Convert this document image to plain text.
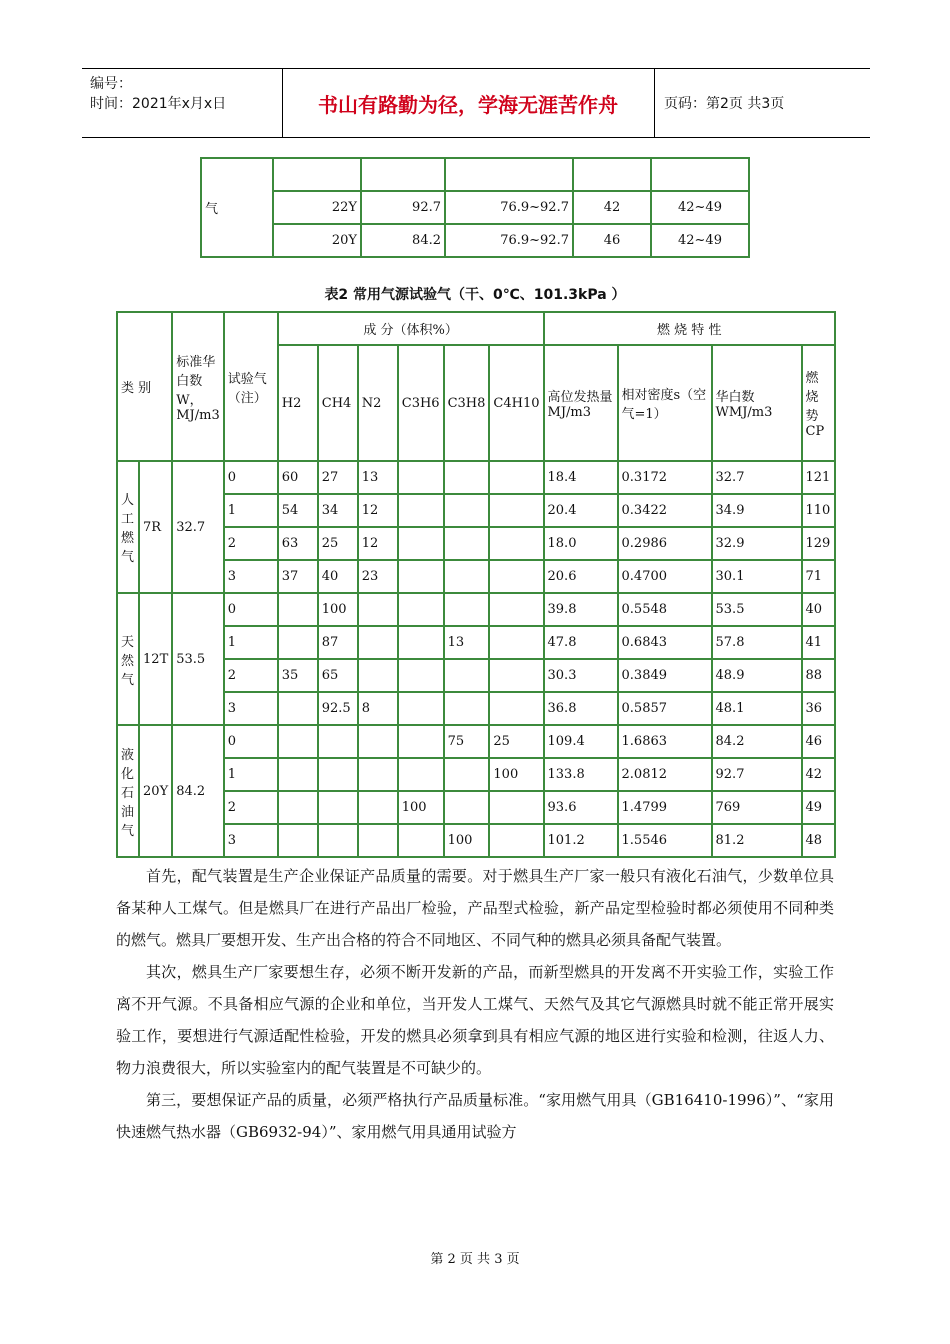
编号：
时间：2021年x月x日	书山有路勤为径，学海无涯苦作舟	页码：第2页 共3页
气					
	22Y	92.7	76.9~92.7	42	42~49
	20Y	84.2	76.9~92.7	46	42~49
表2 常用气源试验气（干、0℃、101.3kPa ）
类 别		标准华白数W，MJ/m3	试验气（注）	成 分（体积%）						燃 烧 特 性			
				H2	CH4	N2	C3H6	C3H8	C4H10	高位发热量MJ/m3	相对密度s（空气=1）	华白数WMJ/m3	燃烧势CP
人工燃气	7R	32.7	0	60	27	13				18.4	0.3172	32.7	121
			1	54	34	12				20.4	0.3422	34.9	110
			2	63	25	12				18.0	0.2986	32.9	129
			3	37	40	23				20.6	0.4700	30.1	71
天然气	12T	53.5	0		100					39.8	0.5548	53.5	40
			1		87			13		47.8	0.6843	57.8	41
			2	35	65					30.3	0.3849	48.9	88
			3		92.5	8				36.8	0.5857	48.1	36
液化石油气	20Y	84.2	0					75	25	109.4	1.6863	84.2	46
			1						100	133.8	2.0812	92.7	42
			2				100			93.6	1.4799	769	49
			3					100		101.2	1.5546	81.2	48

首先，配气装置是生产企业保证产品质量的需要。对于燃具生产厂家一般只有液化石油气，少数单位具备某种人工煤气。但是燃具厂在进行产品出厂检验，产品型式检验，新产品定型检验时都必须使用不同种类的燃气。燃具厂要想开发、生产出合格的符合不同地区、不同气种的燃具必须具备配气装置。

其次，燃具生产厂家要想生存，必须不断开发新的产品，而新型燃具的开发离不开实验工作，实验工作离不开气源。不具备相应气源的企业和单位，当开发人工煤气、天然气及其它气源燃具时就不能正常开展实验工作，要想进行气源适配性检验，开发的燃具必须拿到具有相应气源的地区进行实验和检测，往返人力、物力浪费很大，所以实验室内的配气装置是不可缺少的。

第三，要想保证产品的质量，必须严格执行产品质量标准。“家用燃气用具（GB16410-1996）”、“家用快速燃气热水器（GB6932-94）”、家用燃气用具通用试验方

第 2 页 共 3 页
